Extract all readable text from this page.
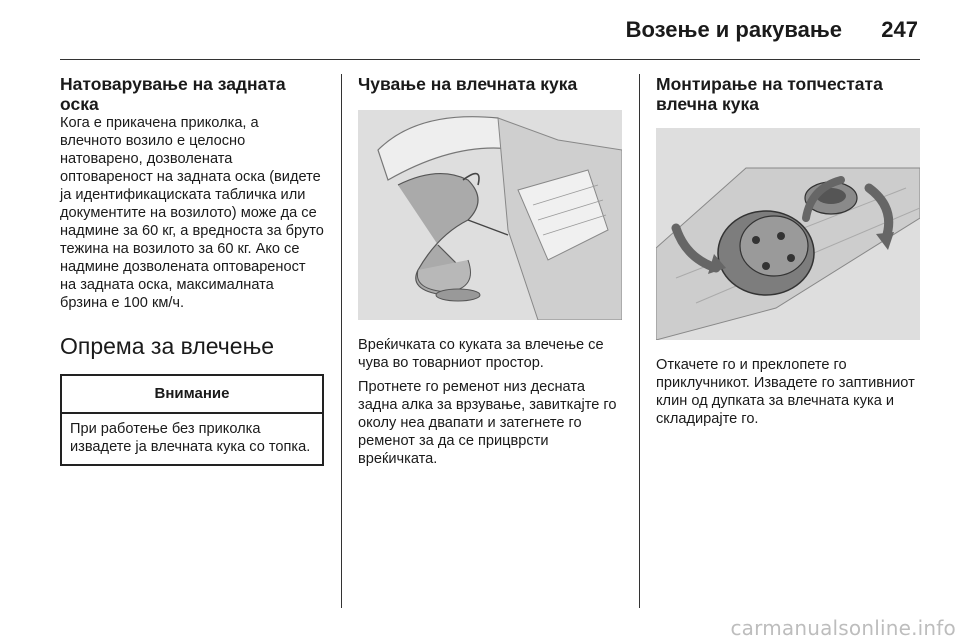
Возење и ракување 247
Натоварување на задната оска

Кога е прикачена приколка, а влечното возило е целосно натоварено, дозволената оптовареност на задната оска (видете ја идентификациската табличка или документите на возилото) може да се надмине за 60 кг, а вредноста за бруто тежина на возилото за 60 кг. Ако се надмине дозволената оптовареност на задната оска, максималната брзина е 100 км/ч.

Опрема за влечење
Внимание
При работење без приколка извадете ја влечната кука со топка.
Чување на влечната кука

Вреќичката со куката за влечење се чува во товарниот простор.

Протнете го ременот низ десната задна алка за врзување, завиткајте го околу неа двапати и затегнете го ременот за да се прицврсти вреќичката.

Монтирање на топчестата влечна кука

Откачете го и преклопете го приклучникот. Извадете го заптивниот клин од дупката за влечната кука и складирајте го.

carmanualsonline.info
